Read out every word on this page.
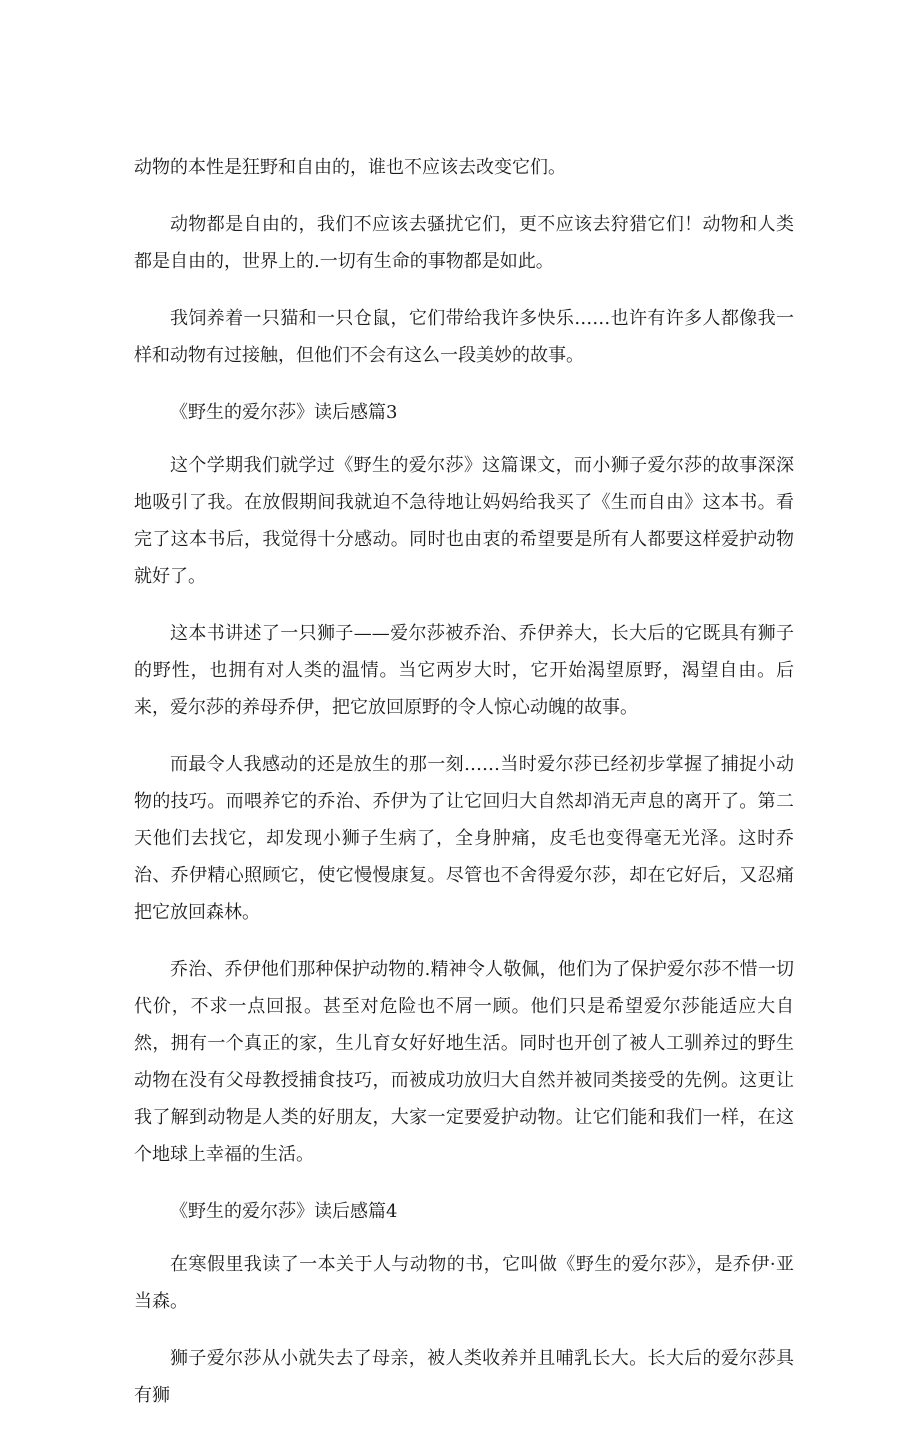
动物的本性是狂野和自由的，谁也不应该去改变它们。

动物都是自由的，我们不应该去骚扰它们，更不应该去狩猎它们！动物和人类都是自由的，世界上的.一切有生命的事物都是如此。

我饲养着一只猫和一只仓鼠，它们带给我许多快乐……也许有许多人都像我一样和动物有过接触，但他们不会有这么一段美妙的故事。

《野生的爱尔莎》读后感篇3

这个学期我们就学过《野生的爱尔莎》这篇课文，而小狮子爱尔莎的故事深深地吸引了我。在放假期间我就迫不急待地让妈妈给我买了《生而自由》这本书。看完了这本书后，我觉得十分感动。同时也由衷的希望要是所有人都要这样爱护动物就好了。

这本书讲述了一只狮子——爱尔莎被乔治、乔伊养大，长大后的它既具有狮子的野性，也拥有对人类的温情。当它两岁大时，它开始渴望原野，渴望自由。后来，爱尔莎的养母乔伊，把它放回原野的令人惊心动魄的故事。

而最令人我感动的还是放生的那一刻……当时爱尔莎已经初步掌握了捕捉小动物的技巧。而喂养它的乔治、乔伊为了让它回归大自然却消无声息的离开了。第二天他们去找它，却发现小狮子生病了，全身肿痛，皮毛也变得毫无光泽。这时乔治、乔伊精心照顾它，使它慢慢康复。尽管也不舍得爱尔莎，却在它好后，又忍痛把它放回森林。

乔治、乔伊他们那种保护动物的.精神令人敬佩，他们为了保护爱尔莎不惜一切代价，不求一点回报。甚至对危险也不屑一顾。他们只是希望爱尔莎能适应大自然，拥有一个真正的家，生儿育女好好地生活。同时也开创了被人工驯养过的野生动物在没有父母教授捕食技巧，而被成功放归大自然并被同类接受的先例。这更让我了解到动物是人类的好朋友，大家一定要爱护动物。让它们能和我们一样，在这个地球上幸福的生活。

《野生的爱尔莎》读后感篇4

在寒假里我读了一本关于人与动物的书，它叫做《野生的爱尔莎》，是乔伊·亚当森。

狮子爱尔莎从小就失去了母亲，被人类收养并且哺乳长大。长大后的爱尔莎具有狮
